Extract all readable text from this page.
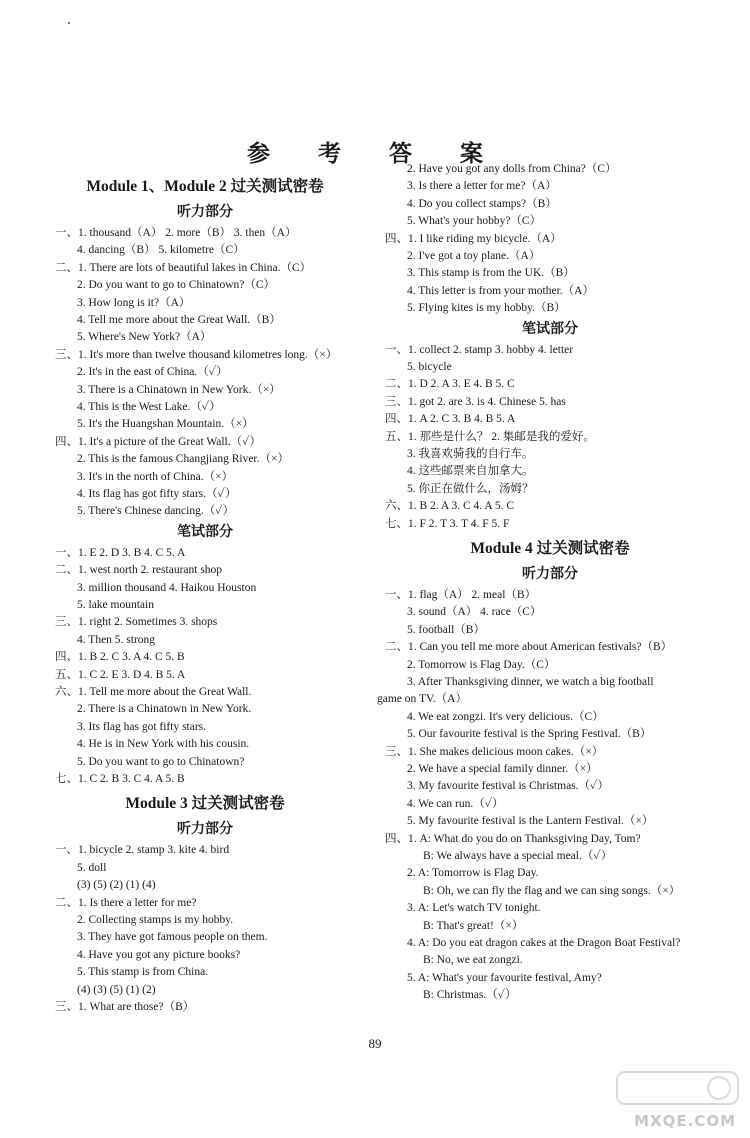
参 考 答 案
Module 1、Module 2 过关测试密卷
听力部分
一、1. thousand（A） 2. more（B） 3. then（A）
4. dancing（B） 5. kilometre（C）
二、1. There are lots of beautiful lakes in China.（C）
2. Do you want to go to Chinatown?（C）
3. How long is it?（A）
4. Tell me more about the Great Wall.（B）
5. Where's New York?（A）
三、1. It's more than twelve thousand kilometres long.（×）
2. It's in the east of China.（✓）
3. There is a Chinatown in New York.（×）
4. This is the West Lake.（✓）
5. It's the Huangshan Mountain.（×）
四、1. It's a picture of the Great Wall.（✓）
2. This is the famous Changjiang River.（×）
3. It's in the north of China.（×）
4. Its flag has got fifty stars.（✓）
5. There's Chinese dancing.（✓）
笔试部分
一、1. E 2. D 3. B 4. C 5. A
二、1. west north 2. restaurant shop
3. million thousand 4. Haikou Houston
5. lake mountain
三、1. right 2. Sometimes 3. shops
4. Then 5. strong
四、1. B 2. C 3. A 4. C 5. B
五、1. C 2. E 3. D 4. B 5. A
六、1. Tell me more about the Great Wall.
2. There is a Chinatown in New York.
3. Its flag has got fifty stars.
4. He is in New York with his cousin.
5. Do you want to go to Chinatown?
七、1. C 2. B 3. C 4. A 5. B
Module 3 过关测试密卷
听力部分
一、1. bicycle 2. stamp 3. kite 4. bird
5. doll
(3) (5) (2) (1) (4)
二、1. Is there a letter for me?
2. Collecting stamps is my hobby.
3. They have got famous people on them.
4. Have you got any picture books?
5. This stamp is from China.
(4) (3) (5) (1) (2)
三、1. What are those?（B）
2. Have you got any dolls from China?（C）
3. Is there a letter for me?（A）
4. Do you collect stamps?（B）
5. What's your hobby?（C）
四、1. I like riding my bicycle.（A）
2. I've got a toy plane.（A）
3. This stamp is from the UK.（B）
4. This letter is from your mother.（A）
5. Flying kites is my hobby.（B）
笔试部分
一、1. collect 2. stamp 3. hobby 4. letter
5. bicycle
二、1. D 2. A 3. E 4. B 5. C
三、1. got 2. are 3. is 4. Chinese 5. has
四、1. A 2. C 3. B 4. B 5. A
五、1. 那些是什么？ 2. 集邮是我的爱好。
3. 我喜欢骑我的自行车。
4. 这些邮票来自加拿大。
5. 你正在做什么，汤姆？
六、1. B 2. A 3. C 4. A 5. C
七、1. F 2. T 3. T 4. F 5. F
Module 4 过关测试密卷
听力部分
一、1. flag（A） 2. meal（B）
3. sound（A） 4. race（C）
5. football（B）
二、1. Can you tell me more about American festivals?（B）
2. Tomorrow is Flag Day.（C）
3. After Thanksgiving dinner, we watch a big football
game on TV.（A）
4. We eat zongzi. It's very delicious.（C）
5. Our favourite festival is the Spring Festival.（B）
三、1. She makes delicious moon cakes.（×）
2. We have a special family dinner.（×）
3. My favourite festival is Christmas.（✓）
4. We can run.（✓）
5. My favourite festival is the Lantern Festival.（×）
四、1. A: What do you do on Thanksgiving Day, Tom?
B: We always have a special meal.（✓）
2. A: Tomorrow is Flag Day.
B: Oh, we can fly the flag and we can sing songs.（×）
3. A: Let's watch TV tonight.
B: That's great!（×）
4. A: Do you eat dragon cakes at the Dragon Boat Festival?
B: No, we eat zongzi.
5. A: What's your favourite festival, Amy?
B: Christmas.（✓）
89
MXQE.COM
